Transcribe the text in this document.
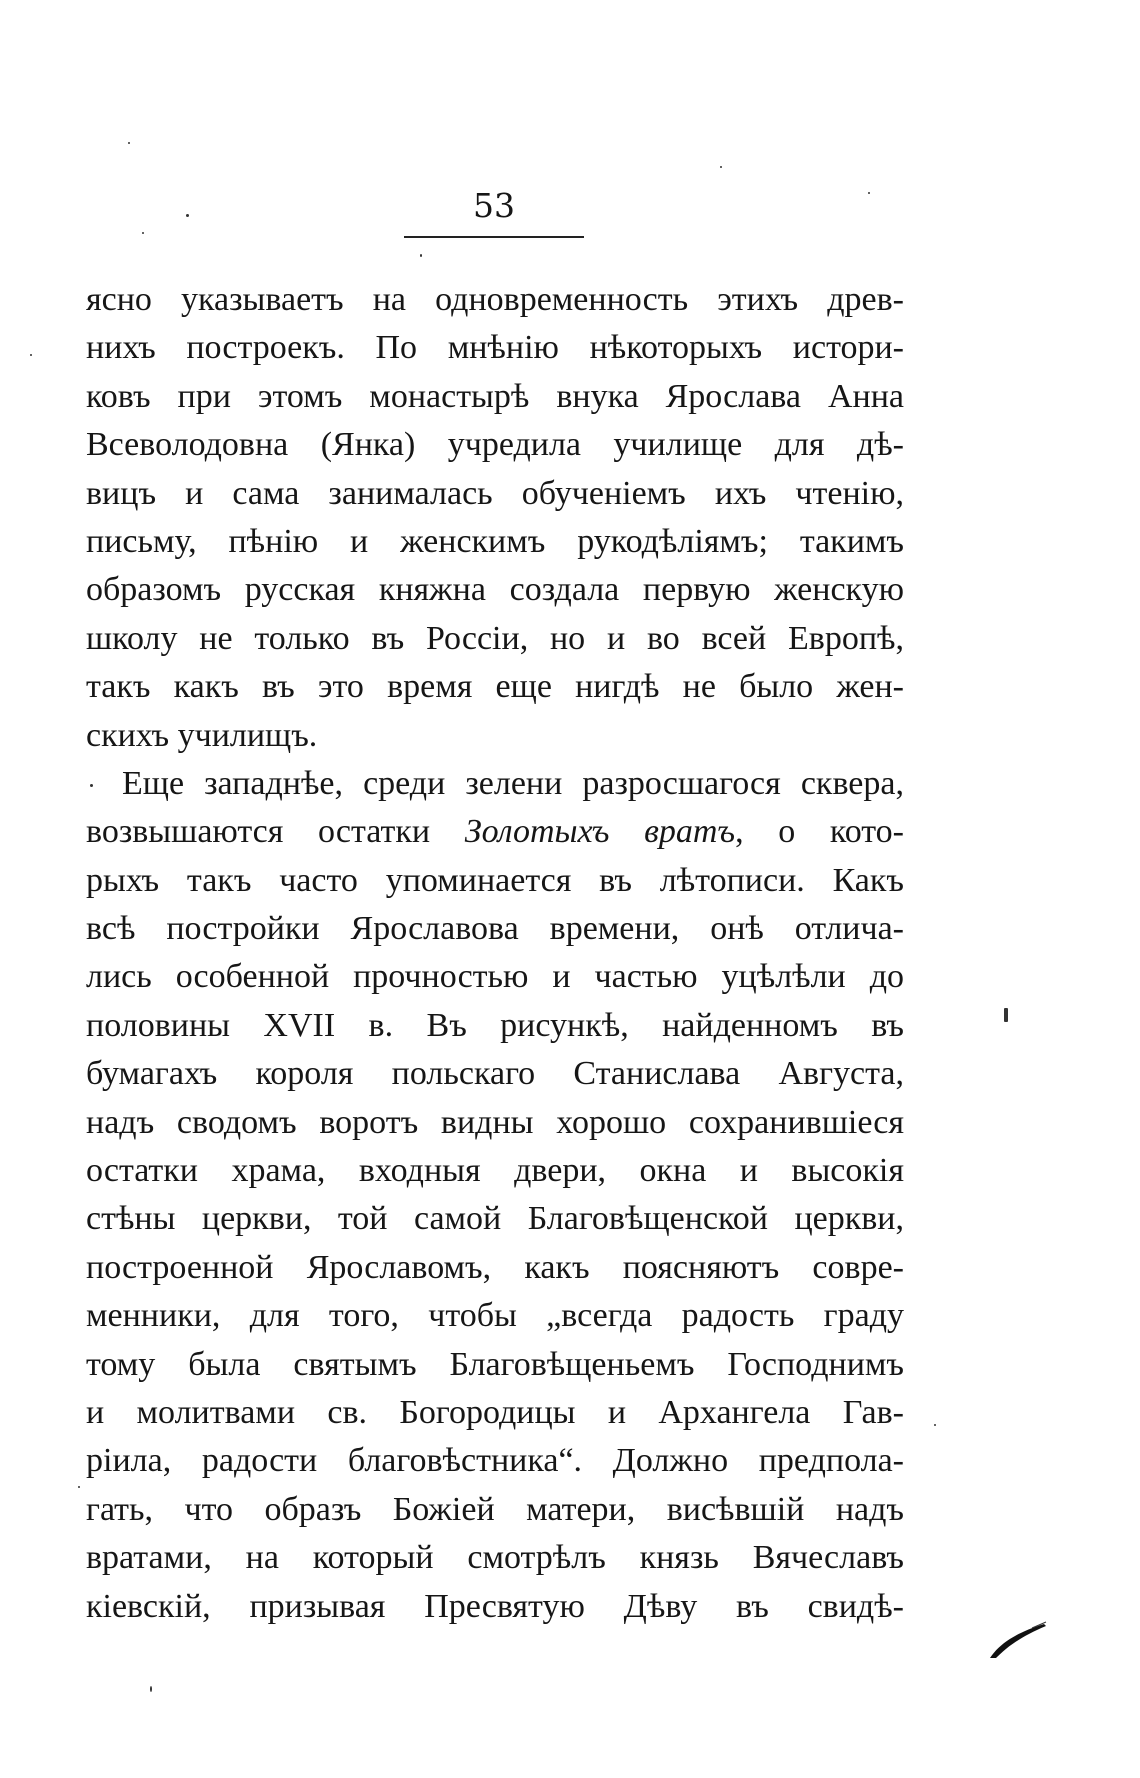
53
ясно указываетъ на одновременность этихъ древ-
нихъ построекъ. По мнѣнію нѣкоторыхъ истори-
ковъ при этомъ монастырѣ внука Ярослава Анна
Всеволодовна (Янка) учредила училище для дѣ-
вицъ и сама занималась обученіемъ ихъ чтенію,
письму, пѣнію и женскимъ рукодѣліямъ; такимъ
образомъ русская княжна создала первую женскую
школу не только въ Россіи, но и во всей Европѣ,
такъ какъ въ это время еще нигдѣ не было жен-
скихъ училищъ.
Еще западнѣе, среди зелени разросшагося сквера,
возвышаются остатки Золотыхъ вратъ, о кото-
рыхъ такъ часто упоминается въ лѣтописи. Какъ
всѣ постройки Ярославова времени, онѣ отлича-
лись особенной прочностью и частью уцѣлѣли до
половины XVII в. Въ рисункѣ, найденномъ въ
бумагахъ короля польскаго Станислава Августа,
надъ сводомъ воротъ видны хорошо сохранившіеся
остатки храма, входныя двери, окна и высокія
стѣны церкви, той самой Благовѣщенской церкви,
построенной Ярославомъ, какъ поясняютъ совре-
менники, для того, чтобы „всегда радость граду
тому была святымъ Благовѣщеньемъ Господнимъ
и молитвами св. Богородицы и Архангела Гав-
ріила, радости благовѣстника“. Должно предпола-
гать, что образъ Божіей матери, висѣвшій надъ
вратами, на который смотрѣлъ князь Вячеславъ
кіевскій, призывая Пресвятую Дѣву въ свидѣ-
